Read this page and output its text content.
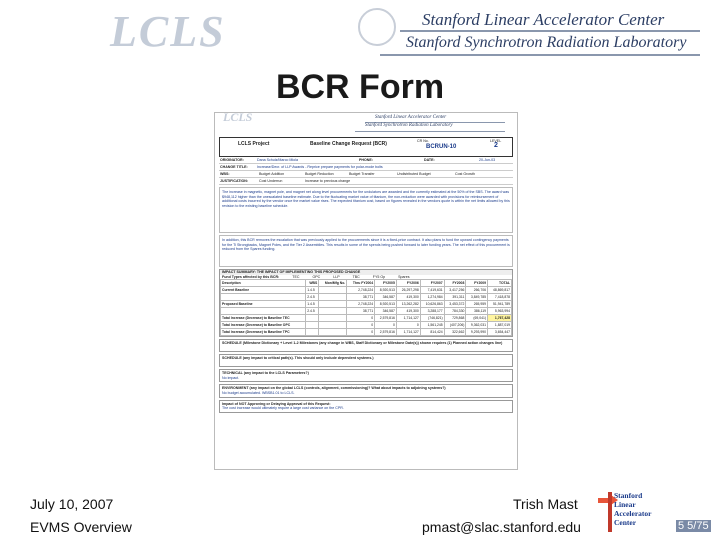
LCLS	Stanford Linear Accelerator Center
Stanford Synchrotron Radiation Laboratory
BCR Form
LCLS	Stanford Linear Accelerator Center
Stanford Synchrotron Radiation Laboratory
LCLS Project	Baseline Change Request (BCR)	CR No.
BCRUN-10
LEVEL
2
ORIGINATOR:	Dana Schulz/Marco Miola	PHONE:	DATE:	20-Jun-03
CHANGE TITLE:	Increase/Decr. of LLP Awards - Reprice prepare payments for polar-mode bolts
WBS:	Budget Addition	Budget Reduction	Budget Transfer	Undistributed Budget	Cost Growth
JUSTIFICATION:	Cost Underrun	Increase to previous change
The increase in magnetic, magnet pole, and magnet net along level procurements for the undulators are awarded and the currently estimated at the 50% of the SBS. The award was $948,112 higher than the unescalated baseline estimate. Due to the fluctuating market value of titanium, the non-reduction were awarded with provisions for reimbursement of additional costs incurred by the vendor once the market value rises. The expected titanium cost, based on figures revealed in the vendors quote is within the net limits allowed by this revision to the existing baseline schedule.
In addition, this BCR removes the escalation that was previously applied to the procurements since it is a fixed-price contract. It also plans to fund the upward contingency payments for the Ti Strongbacks, Magnet Poles, and the Tier 2 Assemblies. This results in some of the spends being pushed forward to later funding years. The net effect of this procurement is reduced from the Spares funding.
IMPACT SUMMARY: THE IMPACT OF IMPLEMENTING THIS PROPOSED CHANGE
Fund Types affected by this BCR:	TEC	OPC	LLP	TBC	FY5 Op	Spares
Description	WBS	Mon/Mfg No.	Thru FY2004	FY2005	FY2006	FY2007	FY2008	FY2009	TOTAL
Current Baseline	1.4.5		2,748,224	8,920,513	26,297,298	7,419,631	3,417,256	266,706	48,869,817
	2.4.5		38,771	346,587	419,300	1,274,984	391,311	3,849,785	7,418,878
Proposed Baseline	1.4.5		2,748,224	8,920,513	13,262,282	10,626,863	3,453,372	265,959	51,941,789
	2.4.5		38,771	346,587	419,300	3,288,177	784,330	386,119	5,963,994
Total Increase (Decrease) to Baseline TEC			0	2,579,816	1,714,127	(746,821)	729,868	(69,041)	1,767,428
Total Increase (Decrease) to Baseline OPC			0	0	0	1,561,245	(407,206)	9,362,031	1,887,019
Total Increase (Decrease) to Baseline TPC			0	2,579,816	1,714,127	814,424	322,662	9,293,990	3,654,447
SCHEDULE (Milestone Dictionary + Level 1-2 Milestones (any change in WBS, Staff Dictionary or Milestone Date(s)) shown requires (1) Planned action changes line)
SCHEDULE (any impact to critical path(s). This should only include dependent systems.)
TECHNICAL (any impact to the LCLS Parameters?)
No impact.
ENVIRONMENT (any impact on the global LCLS (controls, alignment, commissioning)? What about impacts to adjoining systems?)
No budget accumulated. WBSB1.01 to LCLS.
Impact of NOT Approving or Delaying Approval of this Request:
The cost increase would ultimately require a large cost variance on the CPR.
July 10, 2007
EVMS Overview
Trish Mast
pmast@slac.stanford.edu
Stanford
Linear
Accelerator
Center	5 5/75
